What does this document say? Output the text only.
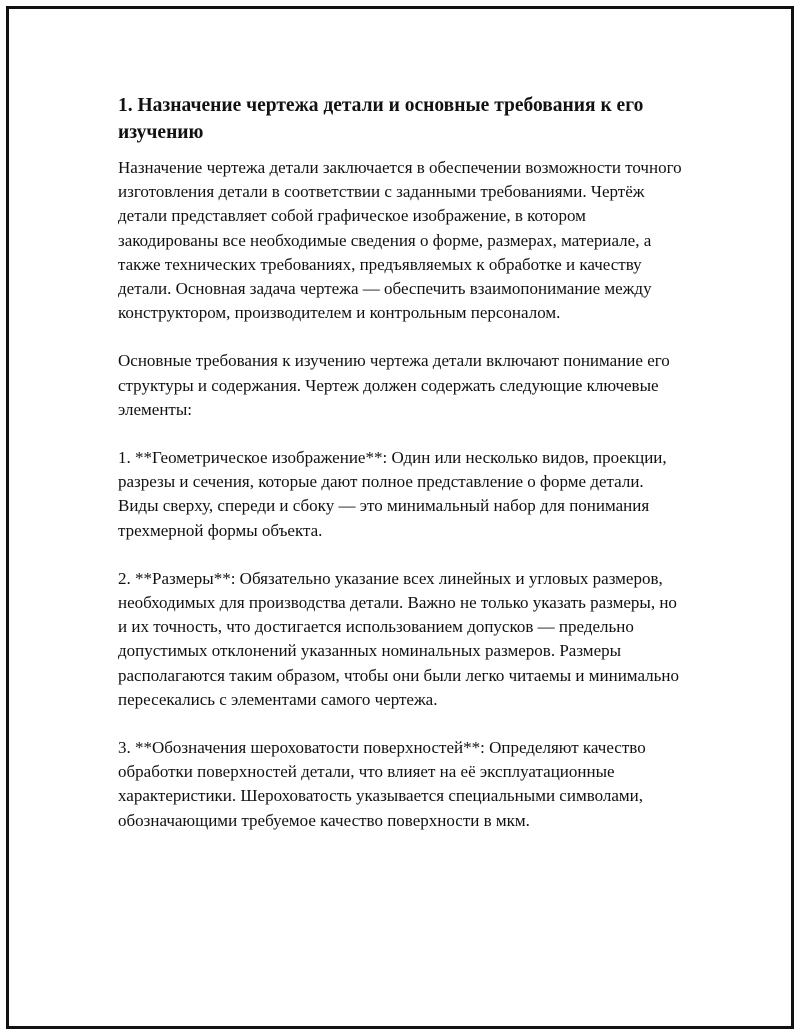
1. Назначение чертежа детали и основные требования к его изучению

Назначение чертежа детали заключается в обеспечении возможности точного изготовления детали в соответствии с заданными требованиями. Чертёж детали представляет собой графическое изображение, в котором закодированы все необходимые сведения о форме, размерах, материале, а также технических требованиях, предъявляемых к обработке и качеству детали. Основная задача чертежа — обеспечить взаимопонимание между конструктором, производителем и контрольным персоналом.

Основные требования к изучению чертежа детали включают понимание его структуры и содержания. Чертеж должен содержать следующие ключевые элементы:

1. **Геометрическое изображение**: Один или несколько видов, проекции, разрезы и сечения, которые дают полное представление о форме детали. Виды сверху, спереди и сбоку — это минимальный набор для понимания трехмерной формы объекта.

2. **Размеры**: Обязательно указание всех линейных и угловых размеров, необходимых для производства детали. Важно не только указать размеры, но и их точность, что достигается использованием допусков — предельно допустимых отклонений указанных номинальных размеров. Размеры располагаются таким образом, чтобы они были легко читаемы и минимально пересекались с элементами самого чертежа.

3. **Обозначения шероховатости поверхностей**: Определяют качество обработки поверхностей детали, что влияет на её эксплуатационные характеристики. Шероховатость указывается специальными символами, обозначающими требуемое качество поверхности в мкм.
